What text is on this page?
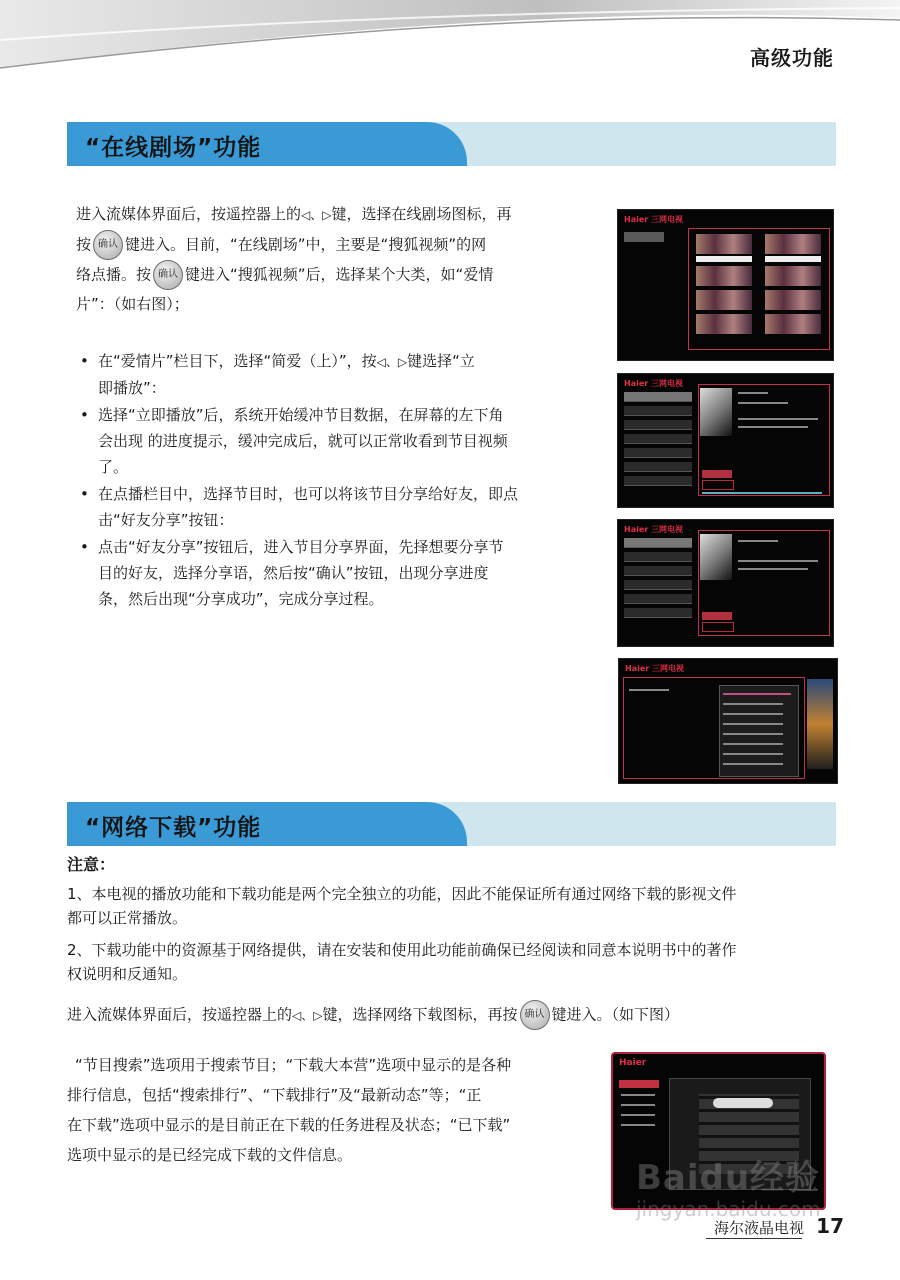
高级功能
“在线剧场”功能
进入流媒体界面后，按遥控器上的◁、▷键，选择在线剧场图标，再
按 确认 键进入。目前，“在线剧场”中，主要是“搜狐视频”的网
络点播。按 确认 键进入“搜狐视频”后，选择某个大类，如“爱情
片”：（如右图）；
• 在“爱情片”栏目下，选择“简爱（上）”，按◁、▷键选择“立
即播放”：
• 选择“立即播放”后，系统开始缓冲节目数据，在屏幕的左下角
会出现 的进度提示，缓冲完成后，就可以正常收看到节目视频
了。
• 在点播栏目中，选择节目时，也可以将该节目分享给好友，即点
击“好友分享”按钮：
• 点击“好友分享”按钮后，进入节目分享界面，先择想要分享节
目的好友，选择分享语，然后按“确认”按钮，出现分享进度
条，然后出现“分享成功”，完成分享过程。
Haier 三网电视
Haier 三网电视
Haier 三网电视
Haier 三网电视
“网络下载”功能
注意：
1、本电视的播放功能和下载功能是两个完全独立的功能，因此不能保证所有通过网络下载的影视文件
都可以正常播放。
2、下载功能中的资源基于网络提供，请在安装和使用此功能前确保已经阅读和同意本说明书中的著作
权说明和反通知。
进入流媒体界面后，按遥控器上的◁、▷键，选择网络下载图标，再按 确认 键进入。（如下图）
“节目搜索”选项用于搜索节目；“下载大本营”选项中显示的是各种
排行信息，包括“搜索排行”、“下载排行”及“最新动态”等；“正
在下载”选项中显示的是目前正在下载的任务进程及状态；“已下载”
选项中显示的是已经完成下载的文件信息。
Haier
Baidu经验
jingyan.baidu.com
海尔液晶电视 17
